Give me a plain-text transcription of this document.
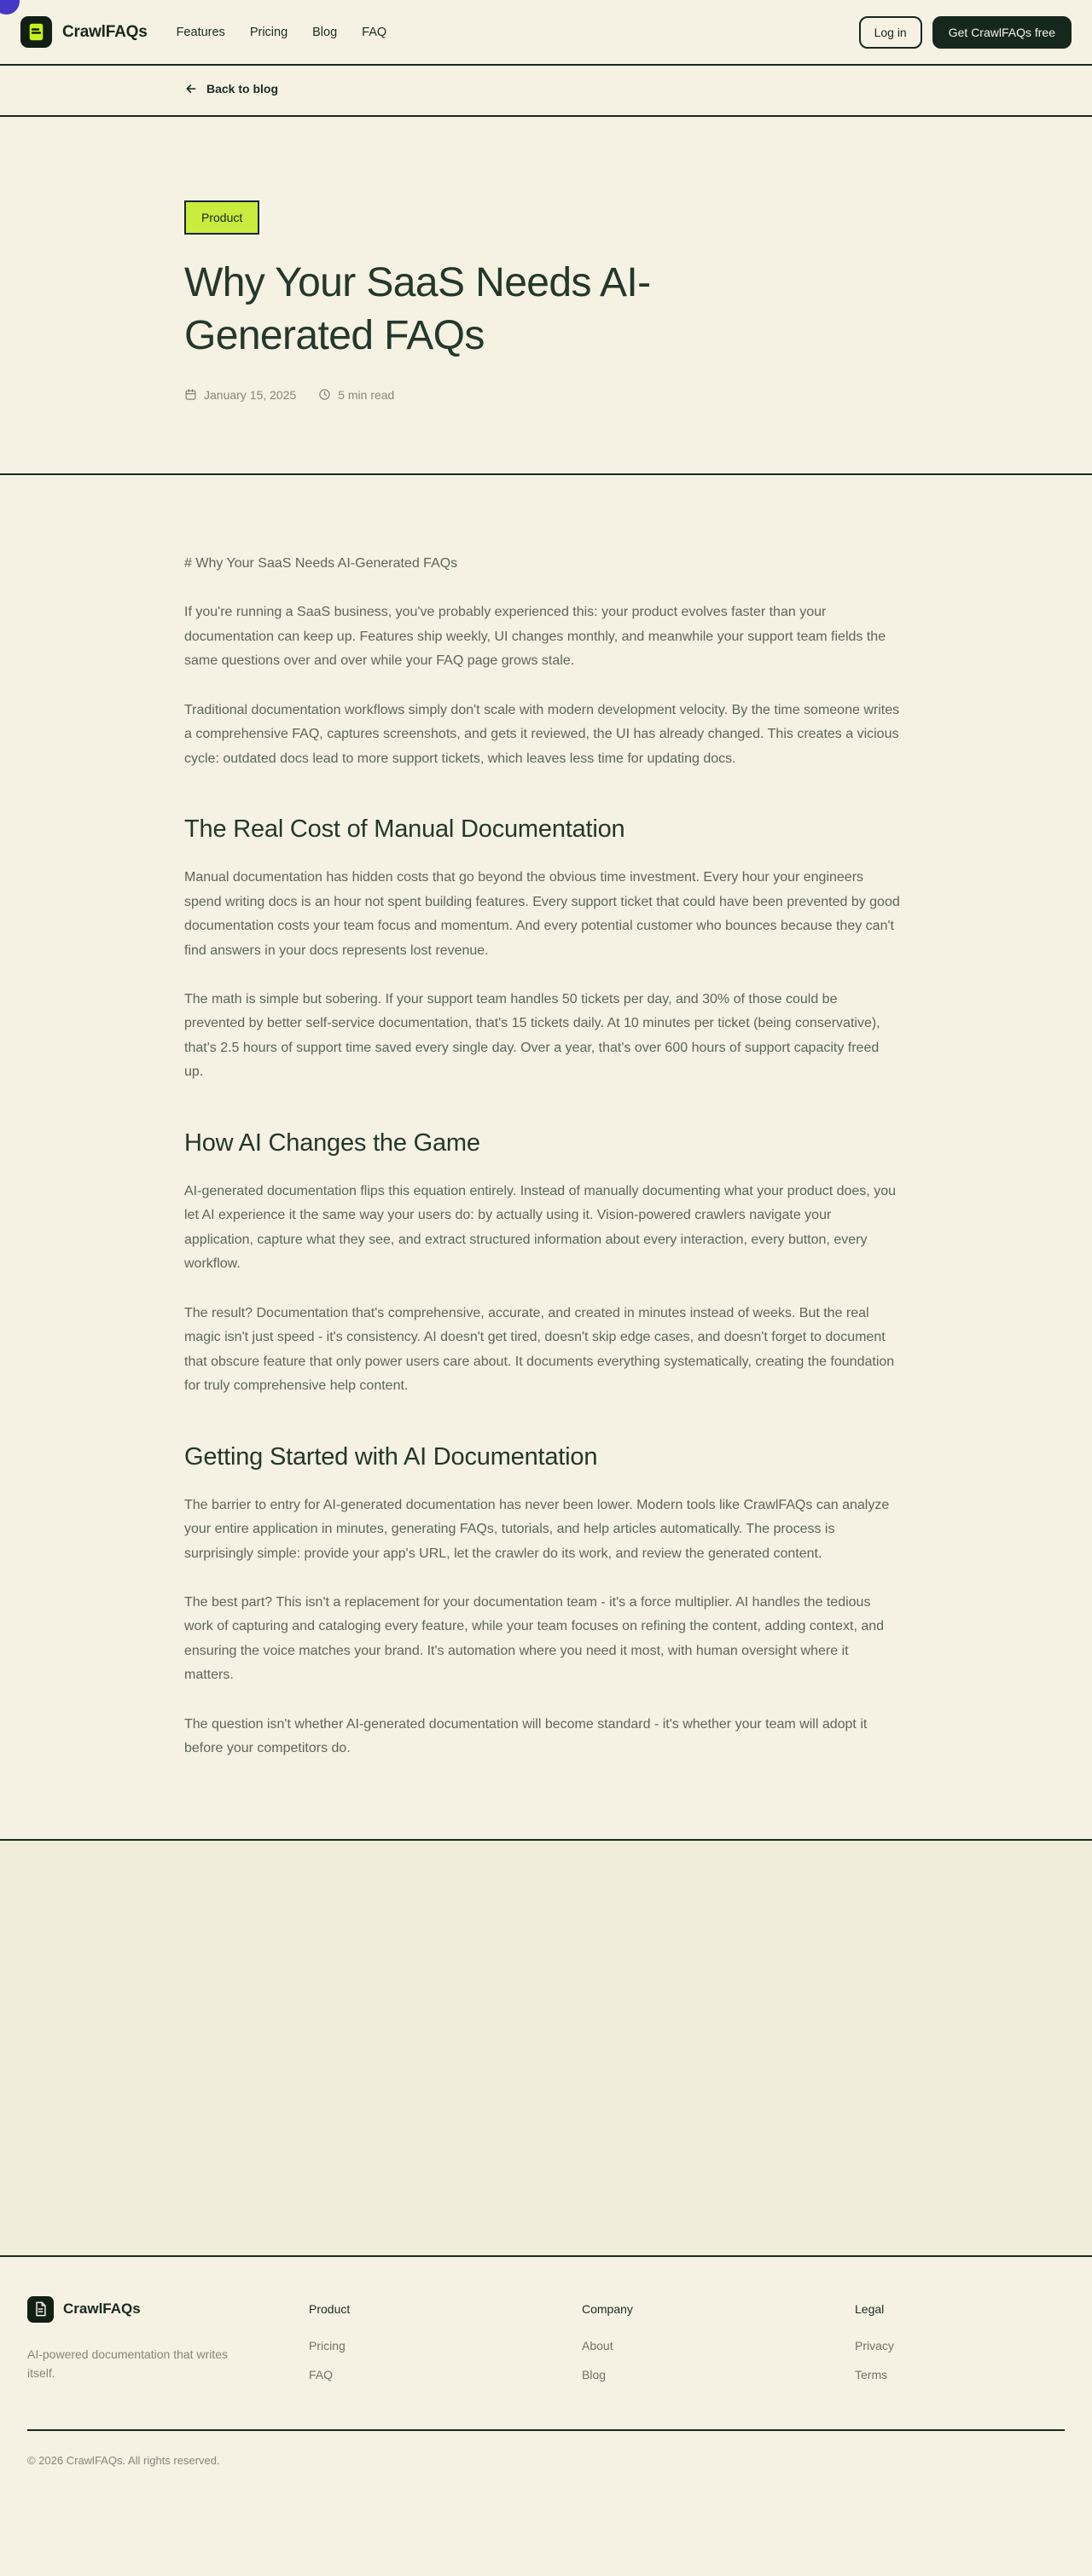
CrawlFAQs Features Pricing Blog FAQ	Log in	Get CrawlFAQs free
Back to blog
Product
Why Your SaaS Needs AI-Generated FAQs
January 15, 2025	5 min read

# Why Your SaaS Needs AI-Generated FAQs

If you're running a SaaS business, you've probably experienced this: your product evolves faster than your documentation can keep up. Features ship weekly, UI changes monthly, and meanwhile your support team fields the same questions over and over while your FAQ page grows stale.

Traditional documentation workflows simply don't scale with modern development velocity. By the time someone writes a comprehensive FAQ, captures screenshots, and gets it reviewed, the UI has already changed. This creates a vicious cycle: outdated docs lead to more support tickets, which leaves less time for updating docs.

The Real Cost of Manual Documentation

Manual documentation has hidden costs that go beyond the obvious time investment. Every hour your engineers spend writing docs is an hour not spent building features. Every support ticket that could have been prevented by good documentation costs your team focus and momentum. And every potential customer who bounces because they can't find answers in your docs represents lost revenue.

The math is simple but sobering. If your support team handles 50 tickets per day, and 30% of those could be prevented by better self-service documentation, that's 15 tickets daily. At 10 minutes per ticket (being conservative), that's 2.5 hours of support time saved every single day. Over a year, that's over 600 hours of support capacity freed up.

How AI Changes the Game

AI-generated documentation flips this equation entirely. Instead of manually documenting what your product does, you let AI experience it the same way your users do: by actually using it. Vision-powered crawlers navigate your application, capture what they see, and extract structured information about every interaction, every button, every workflow.

The result? Documentation that's comprehensive, accurate, and created in minutes instead of weeks. But the real magic isn't just speed - it's consistency. AI doesn't get tired, doesn't skip edge cases, and doesn't forget to document that obscure feature that only power users care about. It documents everything systematically, creating the foundation for truly comprehensive help content.

Getting Started with AI Documentation

The barrier to entry for AI-generated documentation has never been lower. Modern tools like CrawlFAQs can analyze your entire application in minutes, generating FAQs, tutorials, and help articles automatically. The process is surprisingly simple: provide your app's URL, let the crawler do its work, and review the generated content.

The best part? This isn't a replacement for your documentation team - it's a force multiplier. AI handles the tedious work of capturing and cataloging every feature, while your team focuses on refining the content, adding context, and ensuring the voice matches your brand. It's automation where you need it most, with human oversight where it matters.

The question isn't whether AI-generated documentation will become standard - it's whether your team will adopt it before your competitors do.

CrawlFAQs

AI-powered documentation that writes itself.

Product
Pricing
FAQ
Company
About
Blog
Legal
Privacy
Terms
© 2026 CrawlFAQs. All rights reserved.
